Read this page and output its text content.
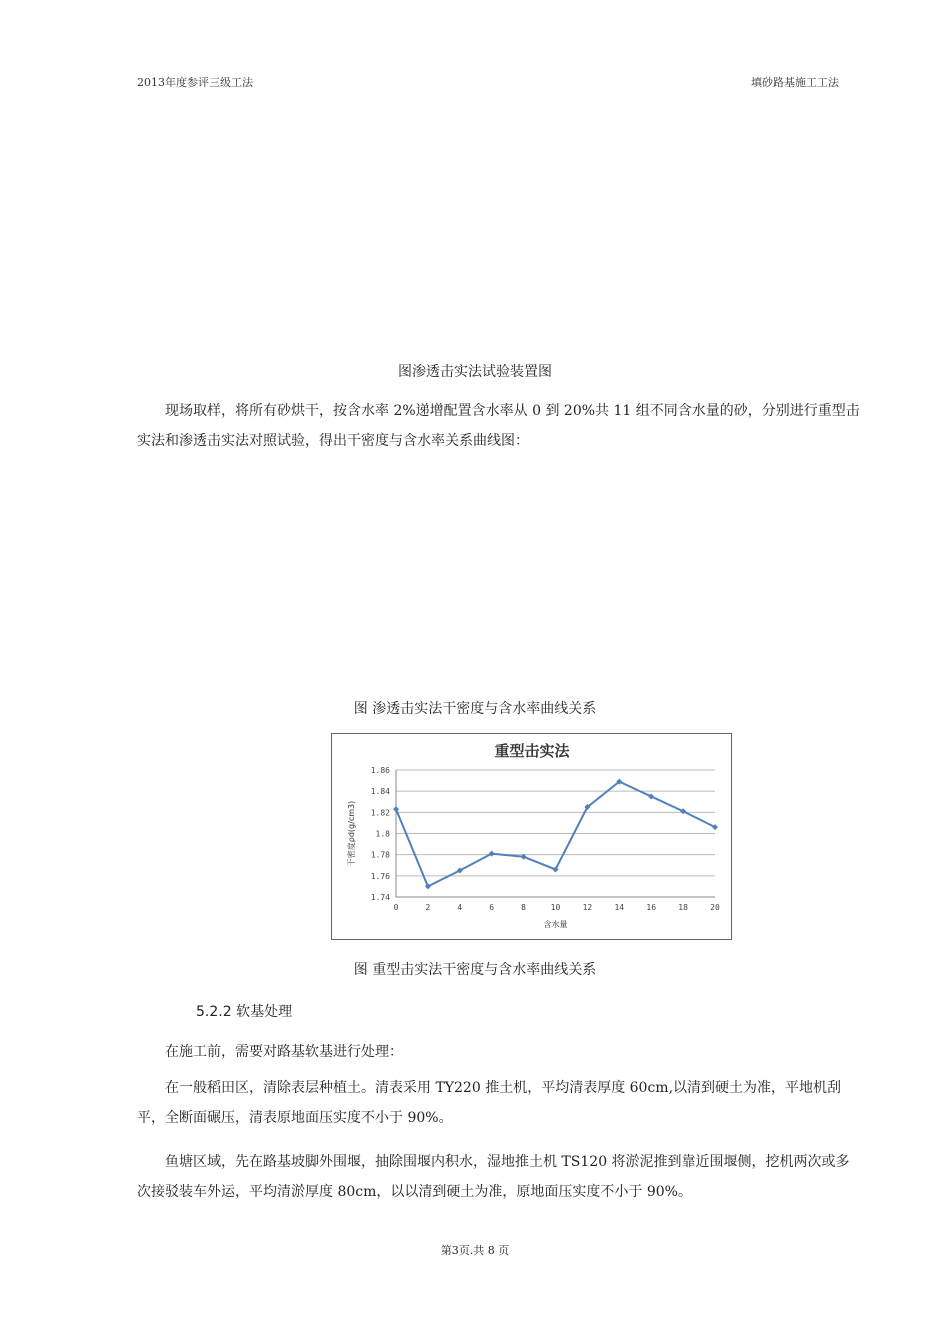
2013年度参评三级工法	填砂路基施工工法
图渗透击实法试验装置图
现场取样，将所有砂烘干，按含水率 2%递增配置含水率从 0 到 20%共 11 组不同含水量的砂，分别进行重型击实法和渗透击实法对照试验，得出干密度与含水率关系曲线图：
图 渗透击实法干密度与含水率曲线关系
重型击实法
1.86
1.84
1.82
1.8
1.78
1.76
1.74
0	2	4	6	8	10	12	14	16	18	20
含水量
干密度ρd(g/cm3)
图 重型击实法干密度与含水率曲线关系
5.2.2 软基处理
在施工前，需要对路基软基进行处理：
在一般稻田区，清除表层种植土。清表采用 TY220 推土机，平均清表厚度 60cm,以清到硬土为准，平地机刮平，全断面碾压，清表原地面压实度不小于 90%。
鱼塘区域，先在路基坡脚外围堰，抽除围堰内积水，湿地推土机 TS120 将淤泥推到靠近围堰侧，挖机两次或多次接驳装车外运，平均清淤厚度 80cm，以以清到硬土为准，原地面压实度不小于 90%。
第3页.共 8 页
